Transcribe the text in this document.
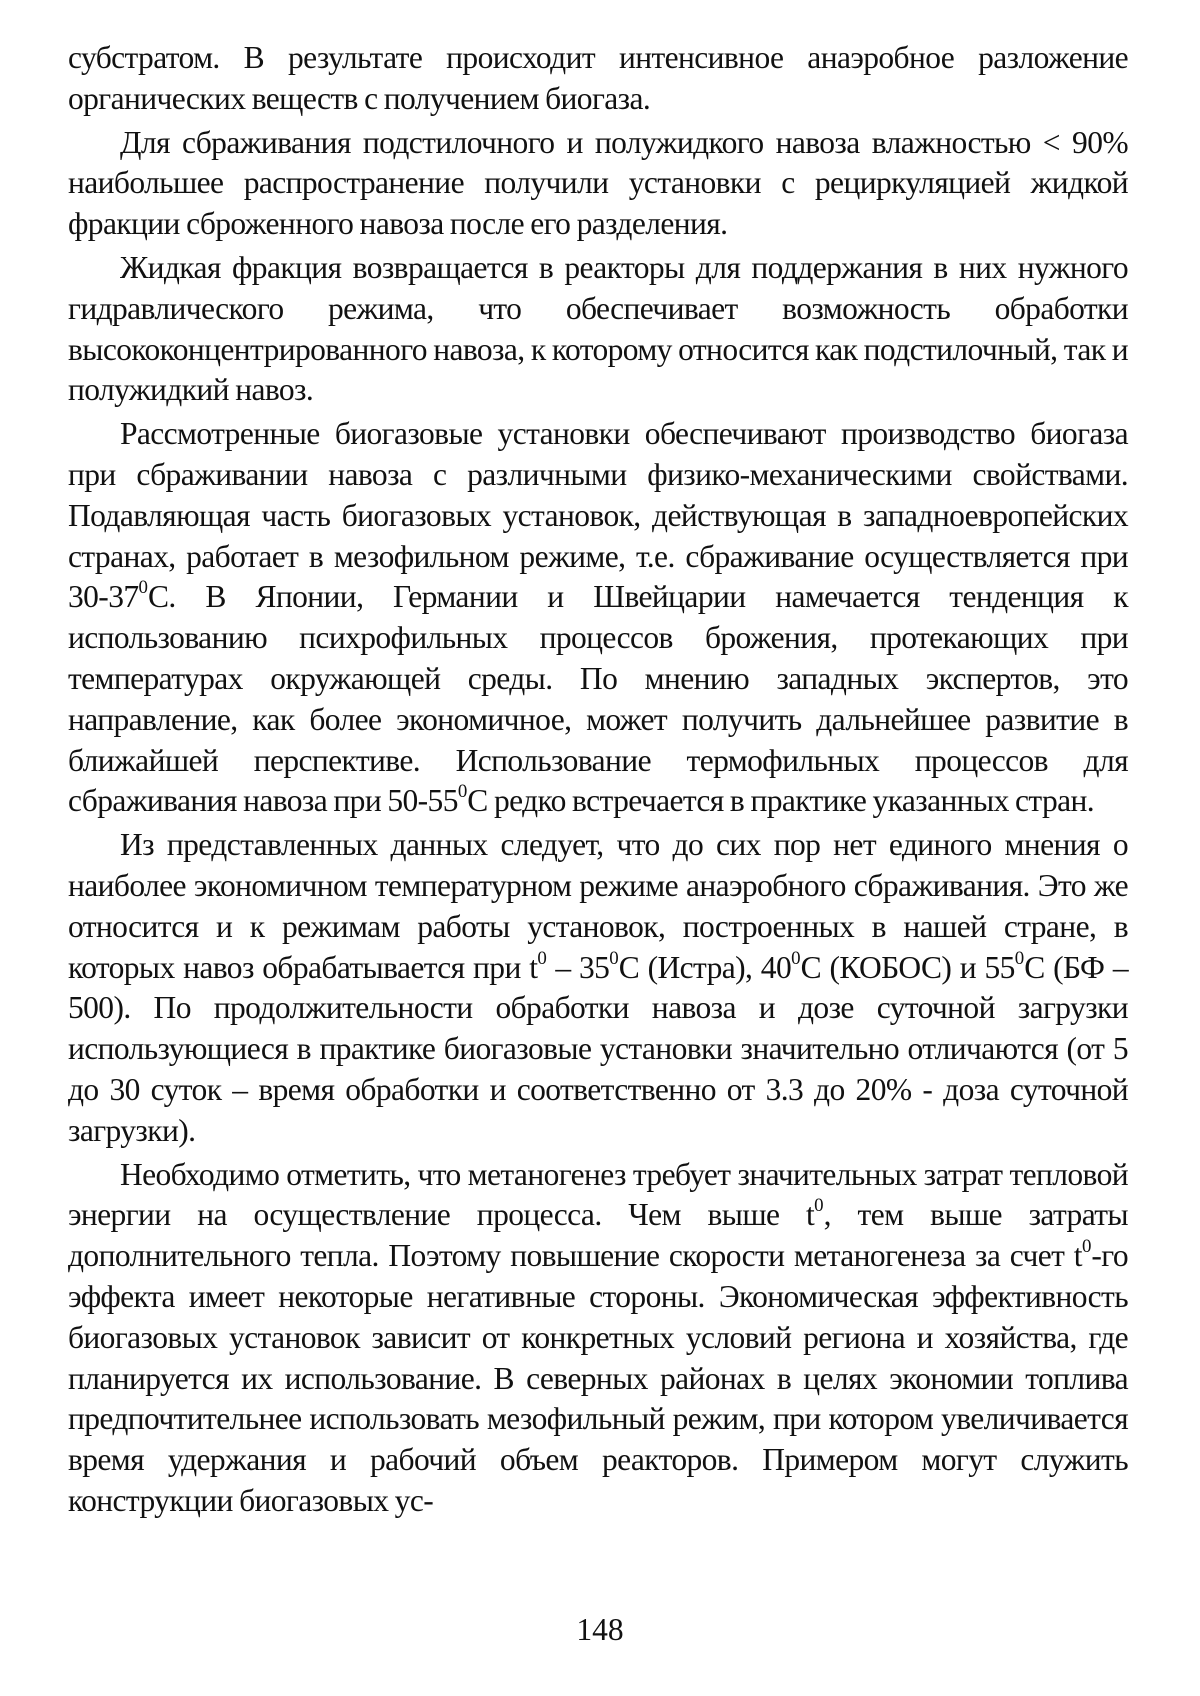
субстратом. В результате происходит интенсивное анаэробное разложение органических веществ с получением биогаза.

Для сбраживания подстилочного и полужидкого навоза влажностью < 90% наибольшее распространение получили установки с рециркуляцией жидкой фракции сброженного навоза после его разделения.

Жидкая фракция возвращается в реакторы для поддержания в них нужного гидравлического режима, что обеспечивает возможность обработки высококонцентрированного навоза, к которому относится как подстилочный, так и полужидкий навоз.

Рассмотренные биогазовые установки обеспечивают производство биогаза при сбраживании навоза с различными физико-механическими свойствами. Подавляющая часть биогазовых установок, действующая в западноевропейских странах, работает в мезофильном режиме, т.е. сбраживание осуществляется при $30-37^0С$. В Японии, Германии и Швейцарии намечается тенденция к использованию психрофильных процессов брожения, протекающих при температурах окружающей среды. По мнению западных экспертов, это направление, как более экономичное, может получить дальнейшее развитие в ближайшей перспективе. Использование термофильных процессов для сбраживания навоза при $50-55^0С$ редко встречается в практике указанных стран.

Из представленных данных следует, что до сих пор нет единого мнения о наиболее экономичном температурном режиме анаэробного сбраживания. Это же относится и к режимам работы установок, построенных в нашей стране, в которых навоз обрабатывается при $t^0 - 35^0С$ (Истра), $40^0С$ (КОБОС) и $55^0С$ (БФ –500). По продолжительности обработки навоза и дозе суточной загрузки использующиеся в практике биогазовые установки значительно отличаются (от 5 до 30 суток – время обработки и соответственно от 3.3 до 20% - доза суточной загрузки).

Необходимо отметить, что метаногенез требует значительных затрат тепловой энергии на осуществление процесса. Чем выше $t^0$, тем выше затраты дополнительного тепла. Поэтому повышение скорости метаногенеза за счет $t^0-го$ эффекта имеет некоторые негативные стороны. Экономическая эффективность биогазовых установок зависит от конкретных условий региона и хозяйства, где планируется их использование. В северных районах в целях экономии топлива предпочтительнее использовать мезофильный режим, при котором увеличивается время удержания и рабочий объем реакторов. Примером могут служить конструкции биогазовых ус-

148
